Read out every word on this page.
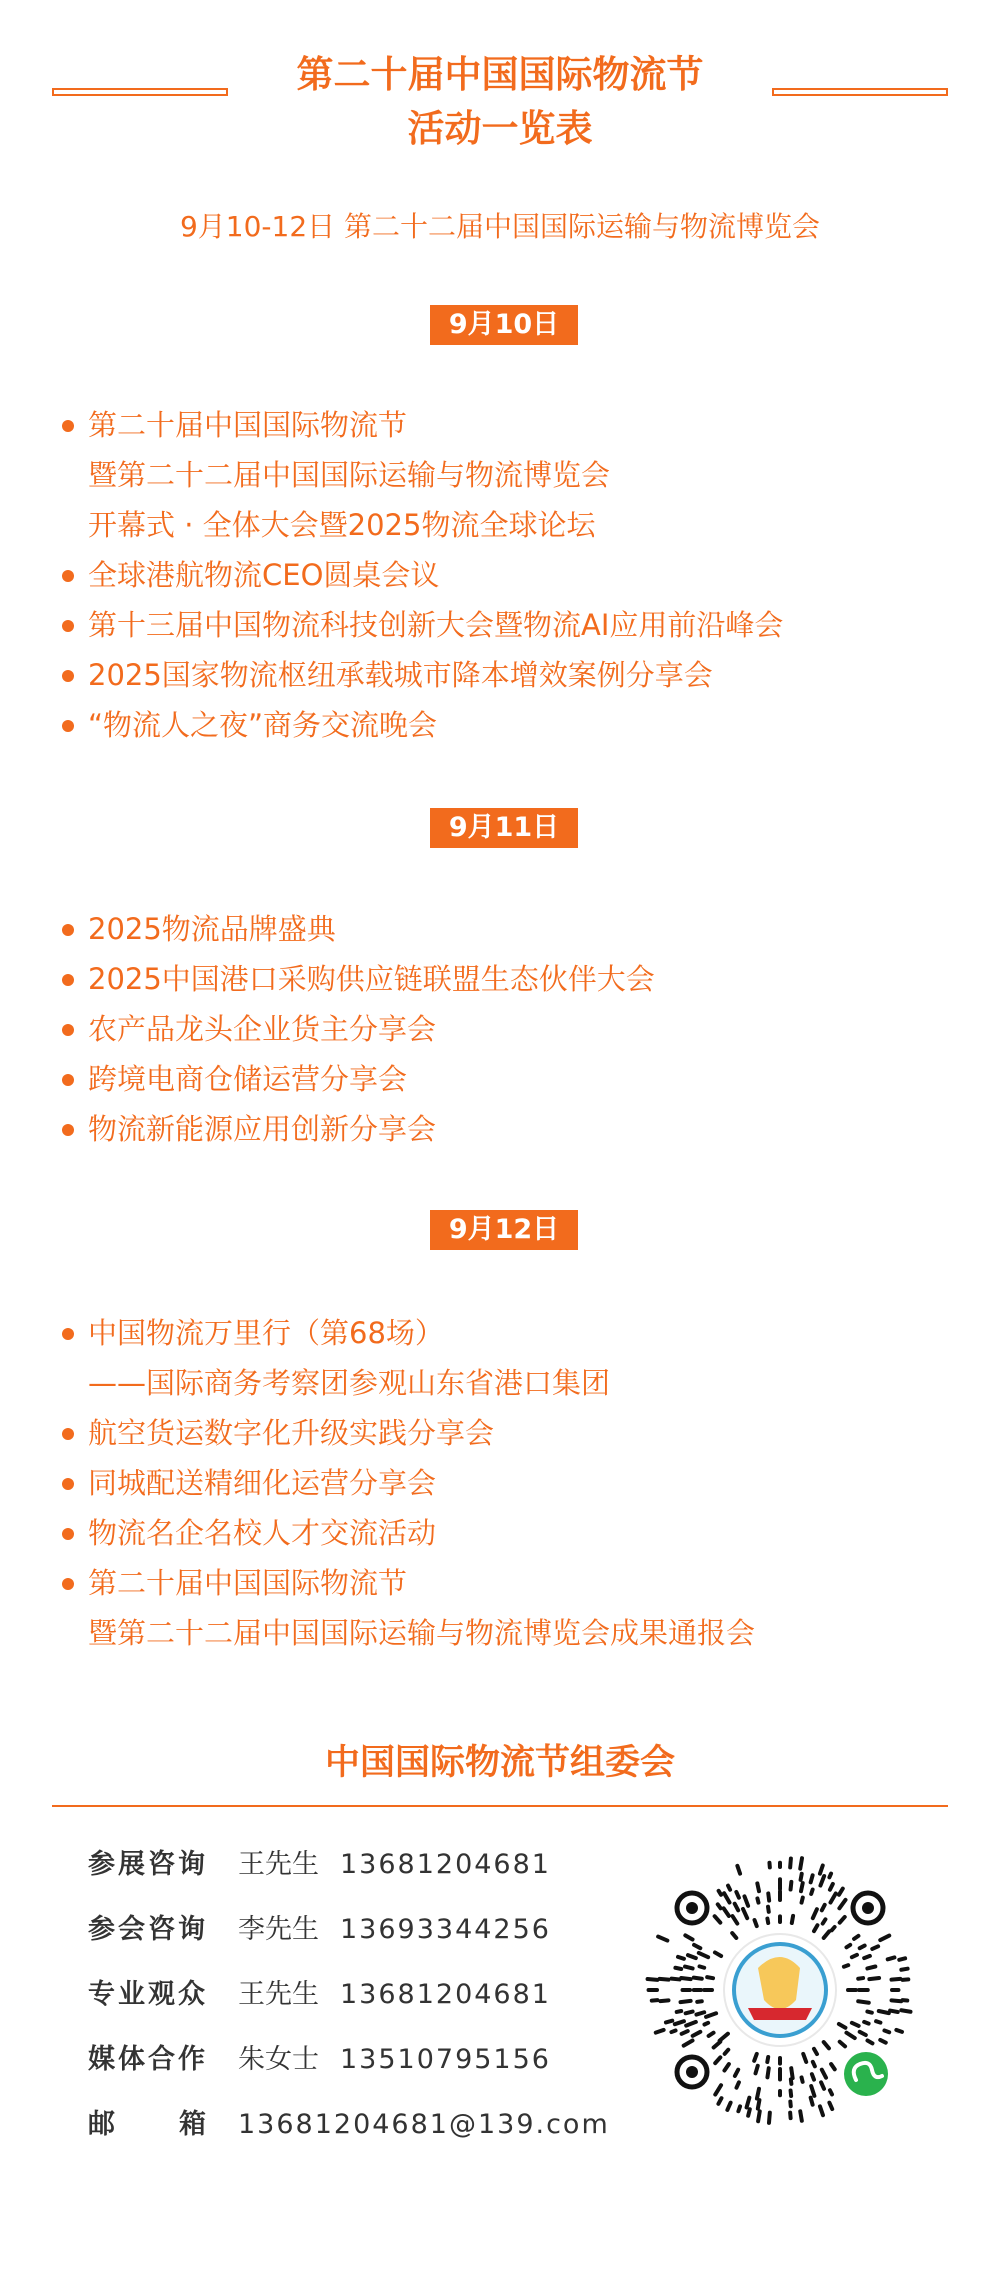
第二十届中国国际物流节
活动一览表
9月10-12日 第二十二届中国国际运输与物流博览会
9月10日
第二十届中国国际物流节
暨第二十二届中国国际运输与物流博览会
开幕式 · 全体大会暨2025物流全球论坛
全球港航物流CEO圆桌会议
第十三届中国物流科技创新大会暨物流AI应用前沿峰会
2025国家物流枢纽承载城市降本增效案例分享会
“物流人之夜”商务交流晚会
9月11日
2025物流品牌盛典
2025中国港口采购供应链联盟生态伙伴大会
农产品龙头企业货主分享会
跨境电商仓储运营分享会
物流新能源应用创新分享会
9月12日
中国物流万里行（第68场）
——国际商务考察团参观山东省港口集团
航空货运数字化升级实践分享会
同城配送精细化运营分享会
物流名企名校人才交流活动
第二十届中国国际物流节
暨第二十二届中国国际运输与物流博览会成果通报会
中国国际物流节组委会
参展咨询 王先生 13681204681
参会咨询 李先生 13693344256
专业观众 王先生 13681204681
媒体合作 朱女士 13510795156
邮 箱 13681204681@139.com
